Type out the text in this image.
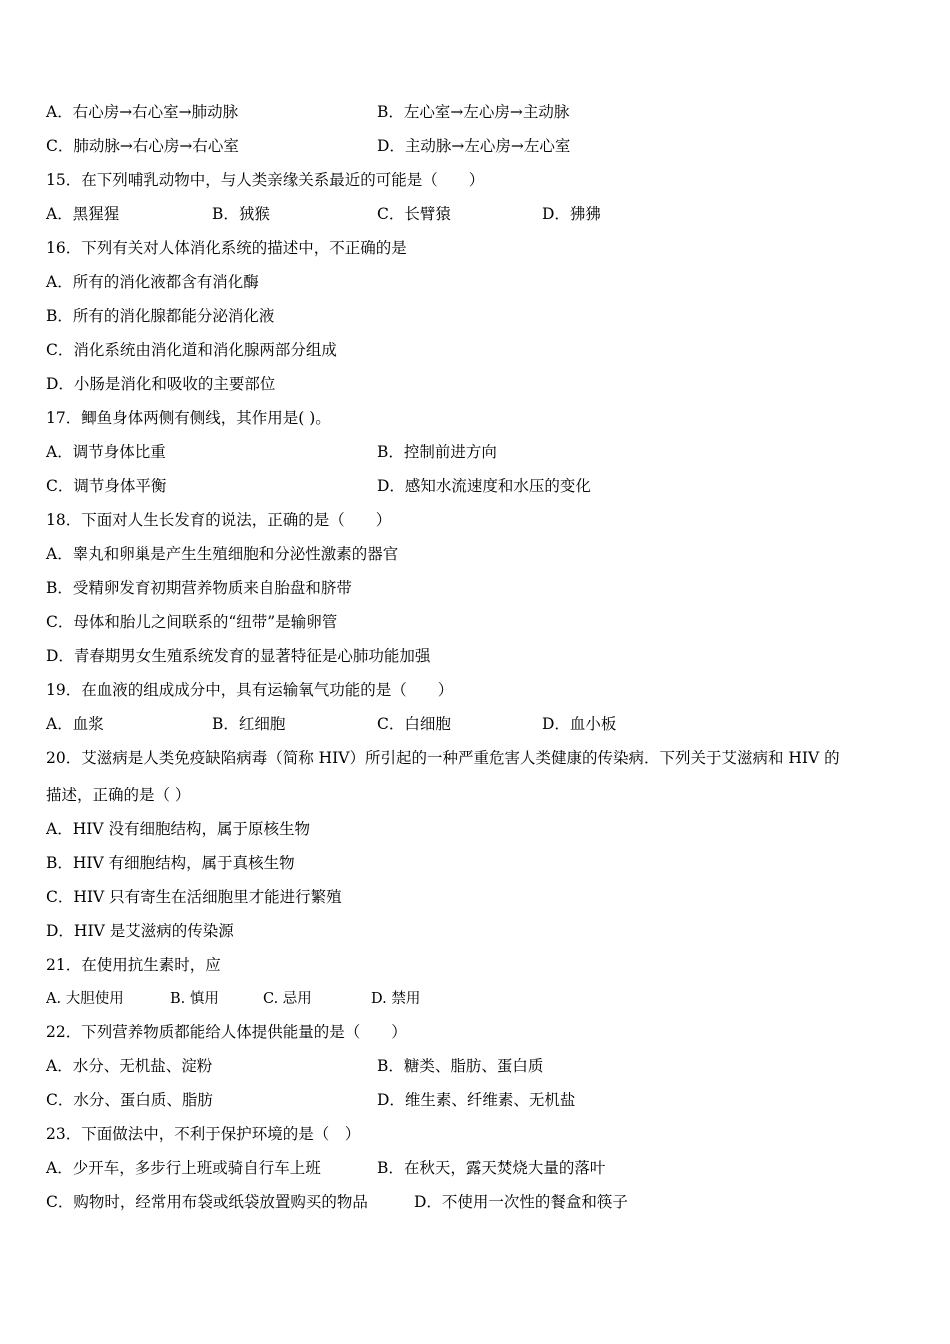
A．右心房→右心室→肺动脉	B．左心室→左心房→主动脉
C．肺动脉→右心房→右心室	D．主动脉→左心房→左心室
15．在下列哺乳动物中，与人类亲缘关系最近的可能是（　　）
A．黑猩猩	B．狨猴	C．长臂猿	D．狒狒
16．下列有关对人体消化系统的描述中，不正确的是
A．所有的消化液都含有消化酶
B．所有的消化腺都能分泌消化液
C．消化系统由消化道和消化腺两部分组成
D．小肠是消化和吸收的主要部位
17．鲫鱼身体两侧有侧线，其作用是( )。
A．调节身体比重	B．控制前进方向
C．调节身体平衡	D．感知水流速度和水压的变化
18．下面对人生长发育的说法，正确的是（　　）
A．睾丸和卵巢是产生生殖细胞和分泌性激素的器官
B．受精卵发育初期营养物质来自胎盘和脐带
C．母体和胎儿之间联系的“纽带”是输卵管
D．青春期男女生殖系统发育的显著特征是心肺功能加强
19．在血液的组成成分中，具有运输氧气功能的是（　　）
A．血浆	B．红细胞	C．白细胞	D．血小板
20．艾滋病是人类免疫缺陷病毒（简称 HIV）所引起的一种严重危害人类健康的传染病．下列关于艾滋病和 HIV 的
描述，正确的是（ ）
A．HIV 没有细胞结构，属于原核生物
B．HIV 有细胞结构，属于真核生物
C．HIV 只有寄生在活细胞里才能进行繁殖
D．HIV 是艾滋病的传染源
21．在使用抗生素时，应
A. 大胆使用	B. 慎用	C. 忌用	D. 禁用
22．下列营养物质都能给人体提供能量的是（　　）
A．水分、无机盐、淀粉	B．糖类、脂肪、蛋白质
C．水分、蛋白质、脂肪	D．维生素、纤维素、无机盐
23．下面做法中，不利于保护环境的是（　）
A．少开车，多步行上班或骑自行车上班	B．在秋天，露天焚烧大量的落叶
C．购物时，经常用布袋或纸袋放置购买的物品	D．不使用一次性的餐盒和筷子
